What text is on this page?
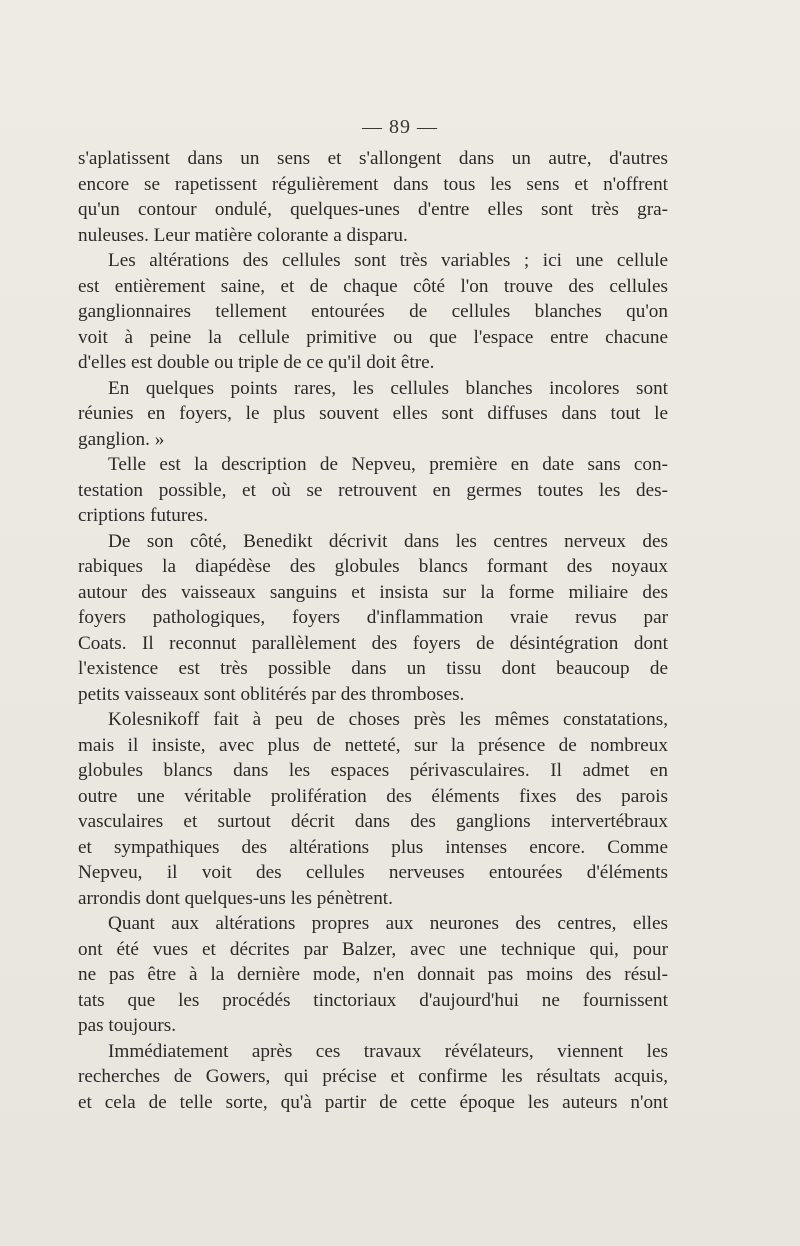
— 89 —
s'aplatissent dans un sens et s'allongent dans un autre, d'autres
encore se rapetissent régulièrement dans tous les sens et n'offrent
qu'un contour ondulé, quelques-unes d'entre elles sont très gra-
nuleuses. Leur matière colorante a disparu.
Les altérations des cellules sont très variables ; ici une cellule
est entièrement saine, et de chaque côté l'on trouve des cellules
ganglionnaires tellement entourées de cellules blanches qu'on
voit à peine la cellule primitive ou que l'espace entre chacune
d'elles est double ou triple de ce qu'il doit être.
En quelques points rares, les cellules blanches incolores sont
réunies en foyers, le plus souvent elles sont diffuses dans tout le
ganglion. »
Telle est la description de Nepveu, première en date sans con-
testation possible, et où se retrouvent en germes toutes les des-
criptions futures.
De son côté, Benedikt décrivit dans les centres nerveux des
rabiques la diapédèse des globules blancs formant des noyaux
autour des vaisseaux sanguins et insista sur la forme miliaire des
foyers pathologiques, foyers d'inflammation vraie revus par
Coats. Il reconnut parallèlement des foyers de désintégration dont
l'existence est très possible dans un tissu dont beaucoup de
petits vaisseaux sont oblitérés par des thromboses.
Kolesnikoff fait à peu de choses près les mêmes constatations,
mais il insiste, avec plus de netteté, sur la présence de nombreux
globules blancs dans les espaces périvasculaires. Il admet en
outre une véritable prolifération des éléments fixes des parois
vasculaires et surtout décrit dans des ganglions intervertébraux
et sympathiques des altérations plus intenses encore. Comme
Nepveu, il voit des cellules nerveuses entourées d'éléments
arrondis dont quelques-uns les pénètrent.
Quant aux altérations propres aux neurones des centres, elles
ont été vues et décrites par Balzer, avec une technique qui, pour
ne pas être à la dernière mode, n'en donnait pas moins des résul-
tats que les procédés tinctoriaux d'aujourd'hui ne fournissent
pas toujours.
Immédiatement après ces travaux révélateurs, viennent les
recherches de Gowers, qui précise et confirme les résultats acquis,
et cela de telle sorte, qu'à partir de cette époque les auteurs n'ont
